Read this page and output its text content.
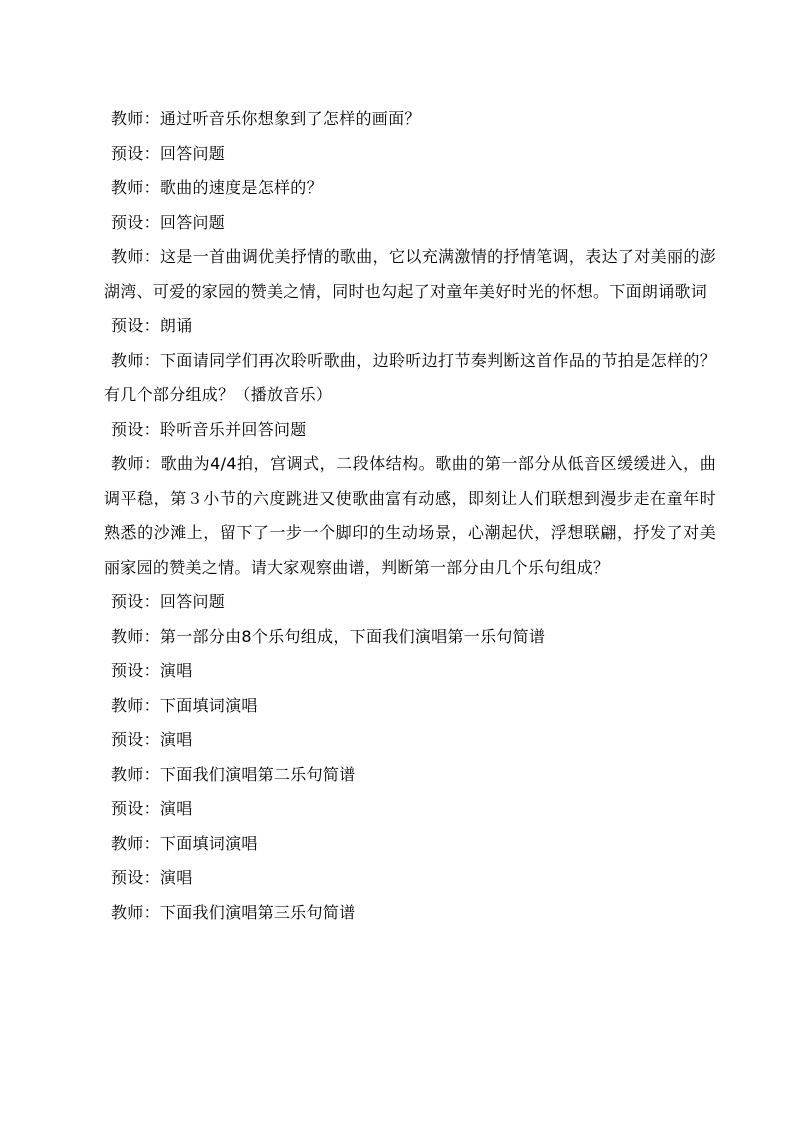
教师：通过听音乐你想象到了怎样的画面？

预设：回答问题

教师：歌曲的速度是怎样的？

预设：回答问题

教师：这是一首曲调优美抒情的歌曲，它以充满激情的抒情笔调，表达了对美丽的澎湖湾、可爱的家园的赞美之情，同时也勾起了对童年美好时光的怀想。下面朗诵歌词

预设：朗诵

教师：下面请同学们再次聆听歌曲，边聆听边打节奏判断这首作品的节拍是怎样的？有几个部分组成？（播放音乐）

预设：聆听音乐并回答问题

教师：歌曲为4/4拍，宫调式，二段体结构。歌曲的第一部分从低音区缓缓进入，曲调平稳，第３小节的六度跳进又使歌曲富有动感，即刻让人们联想到漫步走在童年时熟悉的沙滩上，留下了一步一个脚印的生动场景，心潮起伏，浮想联翩，抒发了对美丽家园的赞美之情。请大家观察曲谱，判断第一部分由几个乐句组成？

预设：回答问题

教师：第一部分由8个乐句组成，下面我们演唱第一乐句简谱

预设：演唱

教师：下面填词演唱

预设：演唱

教师：下面我们演唱第二乐句简谱

预设：演唱

教师：下面填词演唱

预设：演唱

教师：下面我们演唱第三乐句简谱
